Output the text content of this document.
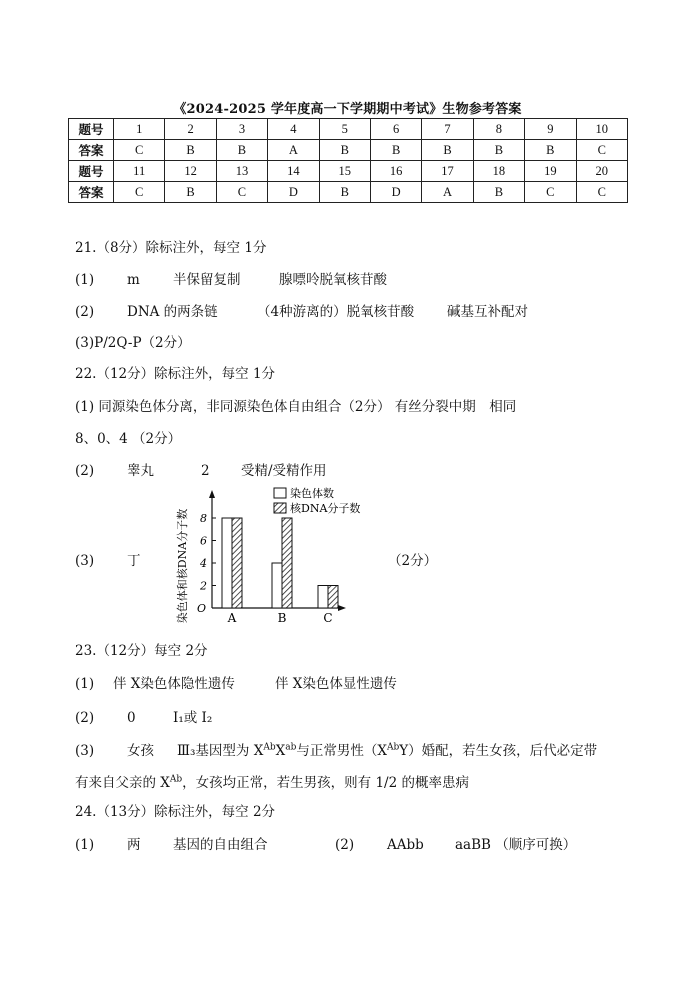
《2024-2025 学年度高一下学期期中考试》生物参考答案
题号	1	2	3	4	5	6	7	8	9	10
答案	C	B	B	A	B	B	B	B	B	C
题号	11	12	13	14	15	16	17	18	19	20
答案	C	B	C	D	B	D	A	B	C	C
21.（8分）除标注外，每空 1分
(1) m 半保留复制	腺嘌呤脱氧核苷酸
(2) DNA 的两条链	（4种游离的）脱氧核苷酸 碱基互补配对
(3)P/2Q-P（2分）
22.（12分）除标注外，每空 1分
(1) 同源染色体分离，非同源染色体自由组合（2分） 有丝分裂中期　相同
8、0、4 （2分）
(2) 睾丸	2 受精/受精作用
(3) 丁	（2分）
8
6
4
2
O
染色体和核DNA分子数	A	B	C
染色体数
核DNA分子数
23.（12分）每空 2分
(1) 伴 X染色体隐性遗传	伴 X染色体显性遗传
(2) 0	Ⅰ₁或 Ⅰ₂
(3) 女孩 Ⅲ₃基因型为 $X^{Ab}X^{ab}$与正常男性$(X^{Ab}Y)$婚配，若生女孩，后代必定带
有来自父亲的 $X^{Ab}$，女孩均正常，若生男孩，则有 1/2 的概率患病
24.（13分）除标注外，每空 2分
(1) 两 基因的自由组合	(2) AAbb aaBB （顺序可换）
